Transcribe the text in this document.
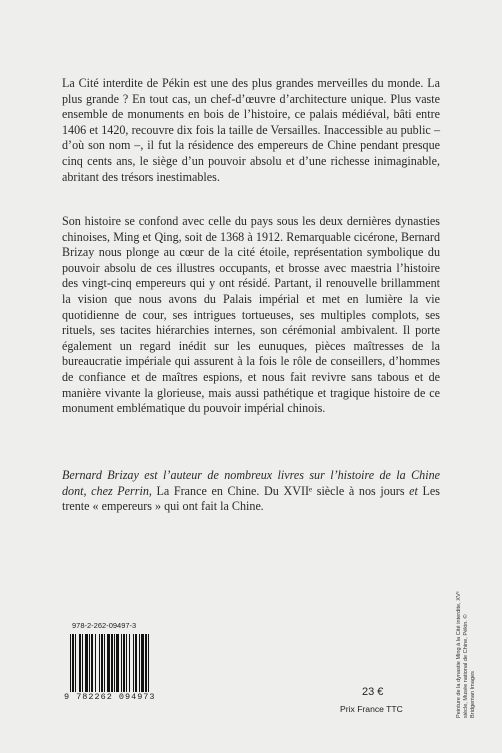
La Cité interdite de Pékin est une des plus grandes merveilles du monde. La plus grande ? En tout cas, un chef-d’œuvre d’architecture unique. Plus vaste ensemble de monuments en bois de l’histoire, ce palais médiéval, bâti entre 1406 et 1420, recouvre dix fois la taille de Versailles. Inaccessible au public – d’où son nom –, il fut la résidence des empereurs de Chine pendant presque cinq cents ans, le siège d’un pouvoir absolu et d’une richesse inimaginable, abritant des trésors inestimables.

Son histoire se confond avec celle du pays sous les deux dernières dynasties chinoises, Ming et Qing, soit de 1368 à 1912. Remarquable cicérone, Bernard Brizay nous plonge au cœur de la cité étoile, représentation symbolique du pouvoir absolu de ces illustres occupants, et brosse avec maestria l’histoire des vingt-cinq empereurs qui y ont résidé. Partant, il renouvelle brillamment la vision que nous avons du Palais impérial et met en lumière la vie quotidienne de cour, ses intrigues tortueuses, ses multiples complots, ses rituels, ses tacites hiérarchies internes, son cérémonial ambivalent. Il porte également un regard inédit sur les eunuques, pièces maîtresses de la bureaucratie impériale qui assurent à la fois le rôle de conseillers, d’hommes de confiance et de maîtres espions, et nous fait revivre sans tabous et de manière vivante la glorieuse, mais aussi pathétique et tragique histoire de ce monument emblématique du pouvoir impérial chinois.

Bernard Brizay est l’auteur de nombreux livres sur l’histoire de la Chine dont, chez Perrin, La France en Chine. Du XVIIᵉ siècle à nos jours et Les trente « empereurs » qui ont fait la Chine.

Peinture de la dynastie Ming à la Cité interdite, XVᵉ siècle, Musée national de Chine, Pékin. © Bridgeman Images
978-2-262-09497-3
9 782262 094973	23 €
Prix France TTC
